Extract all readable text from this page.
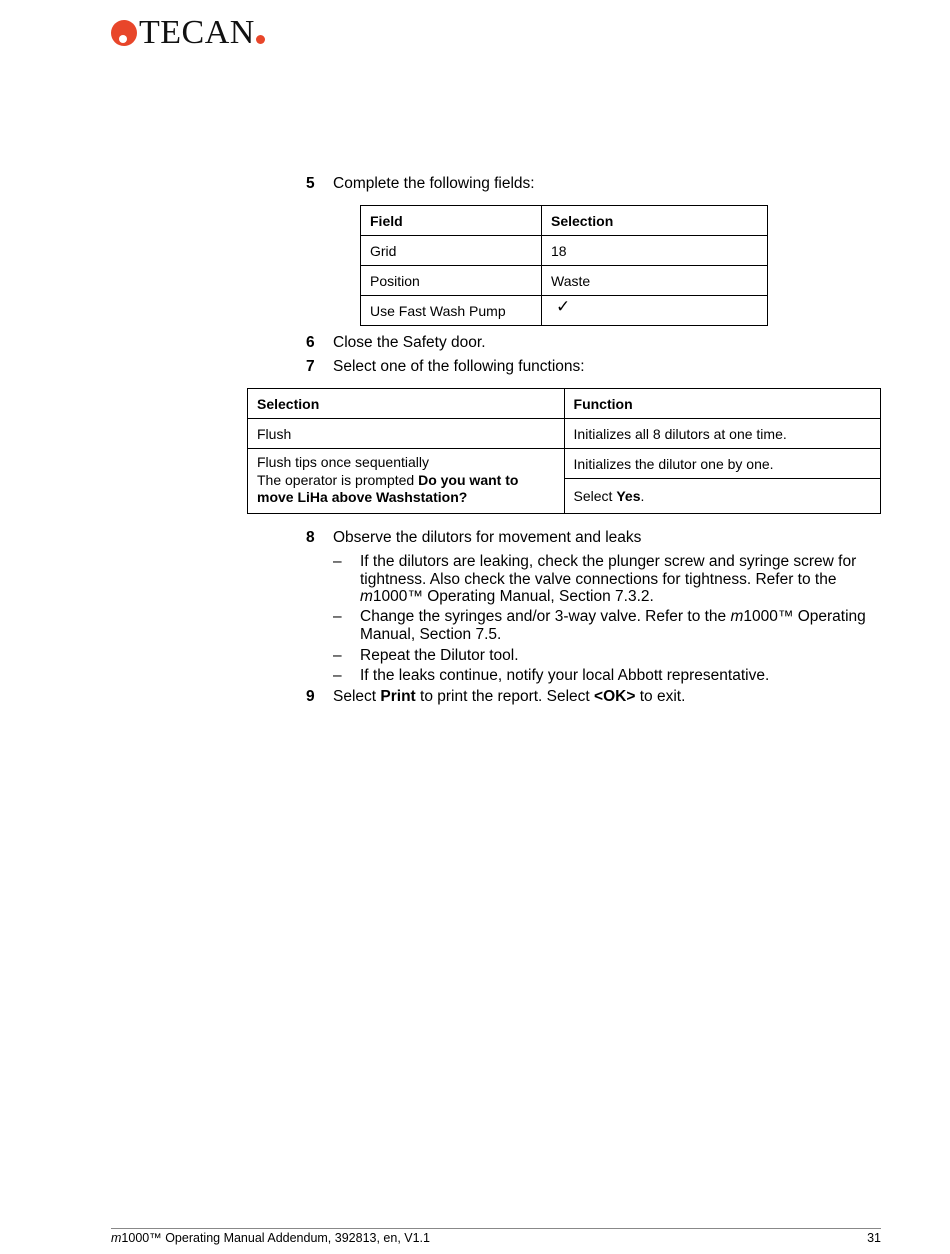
TECAN
5 Complete the following fields:
Field	Selection
Grid	18
Position	Waste
Use Fast Wash Pump	✓
6 Close the Safety door.
7 Select one of the following functions:
Selection	Function
Flush	Initializes all 8 dilutors at one time.

Flush tips once sequentially
The operator is prompted Do you want to move LiHa above Washstation?	Initializes the dilutor one by one.
	Select Yes.
8 Observe the dilutors for movement and leaks
– If the dilutors are leaking, check the plunger screw and syringe screw for tightness. Also check the valve connections for tightness. Refer to the m1000™ Operating Manual, Section 7.3.2.
– Change the syringes and/or 3-way valve. Refer to the m1000™ Operating Manual, Section 7.5.
– Repeat the Dilutor tool.
– If the leaks continue, notify your local Abbott representative.
9 Select Print to print the report. Select <OK> to exit.
m1000™ Operating Manual Addendum, 392813, en, V1.1	31
